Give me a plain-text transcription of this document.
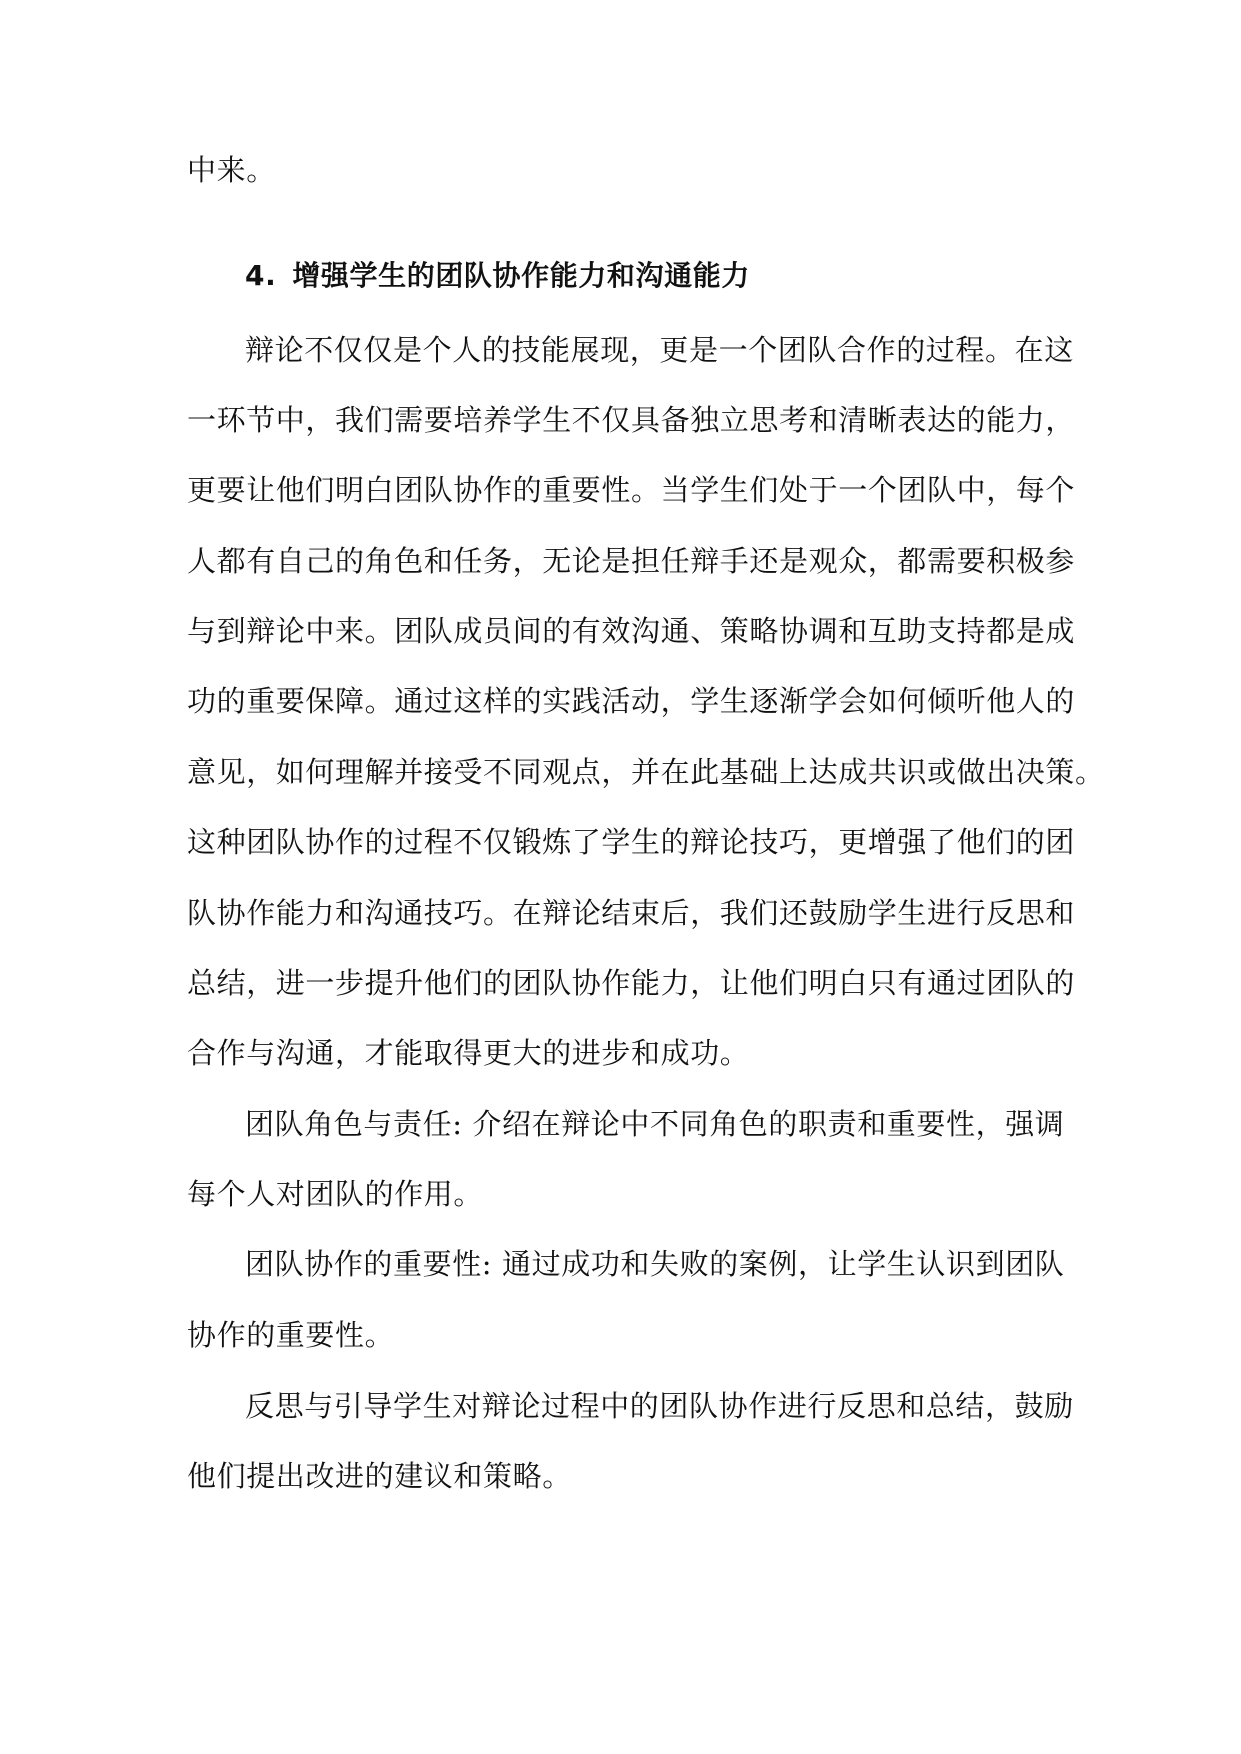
中来。
4. 增强学生的团队协作能力和沟通能力
辩论不仅仅是个人的技能展现，更是一个团队合作的过程。在这
一环节中，我们需要培养学生不仅具备独立思考和清晰表达的能力，
更要让他们明白团队协作的重要性。当学生们处于一个团队中，每个
人都有自己的角色和任务，无论是担任辩手还是观众，都需要积极参
与到辩论中来。团队成员间的有效沟通、策略协调和互助支持都是成
功的重要保障。通过这样的实践活动，学生逐渐学会如何倾听他人的
意见，如何理解并接受不同观点，并在此基础上达成共识或做出决策。
这种团队协作的过程不仅锻炼了学生的辩论技巧，更增强了他们的团
队协作能力和沟通技巧。在辩论结束后，我们还鼓励学生进行反思和
总结，进一步提升他们的团队协作能力，让他们明白只有通过团队的
合作与沟通，才能取得更大的进步和成功。
团队角色与责任: 介绍在辩论中不同角色的职责和重要性，强调
每个人对团队的作用。
团队协作的重要性: 通过成功和失败的案例，让学生认识到团队
协作的重要性。
反思与引导学生对辩论过程中的团队协作进行反思和总结，鼓励
他们提出改进的建议和策略。
